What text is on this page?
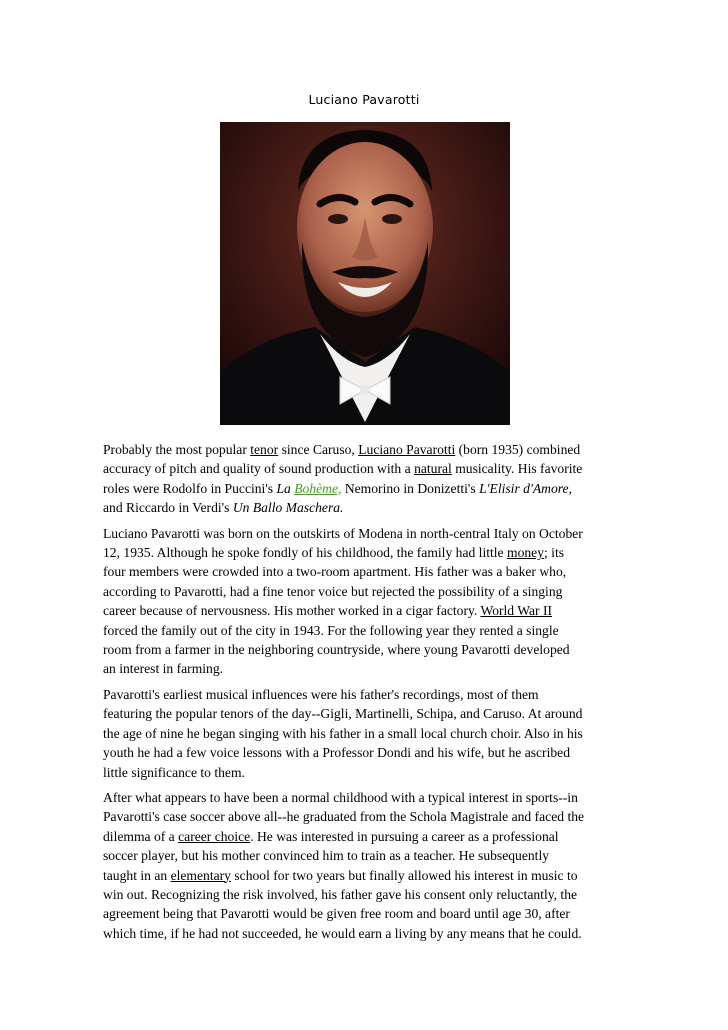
Luciano Pavarotti

Probably the most popular tenor since Caruso, Luciano Pavarotti (born 1935) combined
accuracy of pitch and quality of sound production with a natural musicality. His favorite
roles were Rodolfo in Puccini's La Bohème, Nemorino in Donizetti's L'Elisir d'Amore,
and Riccardo in Verdi's Un Ballo Maschera.

Luciano Pavarotti was born on the outskirts of Modena in north-central Italy on October
12, 1935. Although he spoke fondly of his childhood, the family had little money; its
four members were crowded into a two-room apartment. His father was a baker who,
according to Pavarotti, had a fine tenor voice but rejected the possibility of a singing
career because of nervousness. His mother worked in a cigar factory. World War II
forced the family out of the city in 1943. For the following year they rented a single
room from a farmer in the neighboring countryside, where young Pavarotti developed
an interest in farming.

Pavarotti's earliest musical influences were his father's recordings, most of them
featuring the popular tenors of the day--Gigli, Martinelli, Schipa, and Caruso. At around
the age of nine he began singing with his father in a small local church choir. Also in his
youth he had a few voice lessons with a Professor Dondi and his wife, but he ascribed
little significance to them.

After what appears to have been a normal childhood with a typical interest in sports--in
Pavarotti's case soccer above all--he graduated from the Schola Magistrale and faced the
dilemma of a career choice. He was interested in pursuing a career as a professional
soccer player, but his mother convinced him to train as a teacher. He subsequently
taught in an elementary school for two years but finally allowed his interest in music to
win out. Recognizing the risk involved, his father gave his consent only reluctantly, the
agreement being that Pavarotti would be given free room and board until age 30, after
which time, if he had not succeeded, he would earn a living by any means that he could.
